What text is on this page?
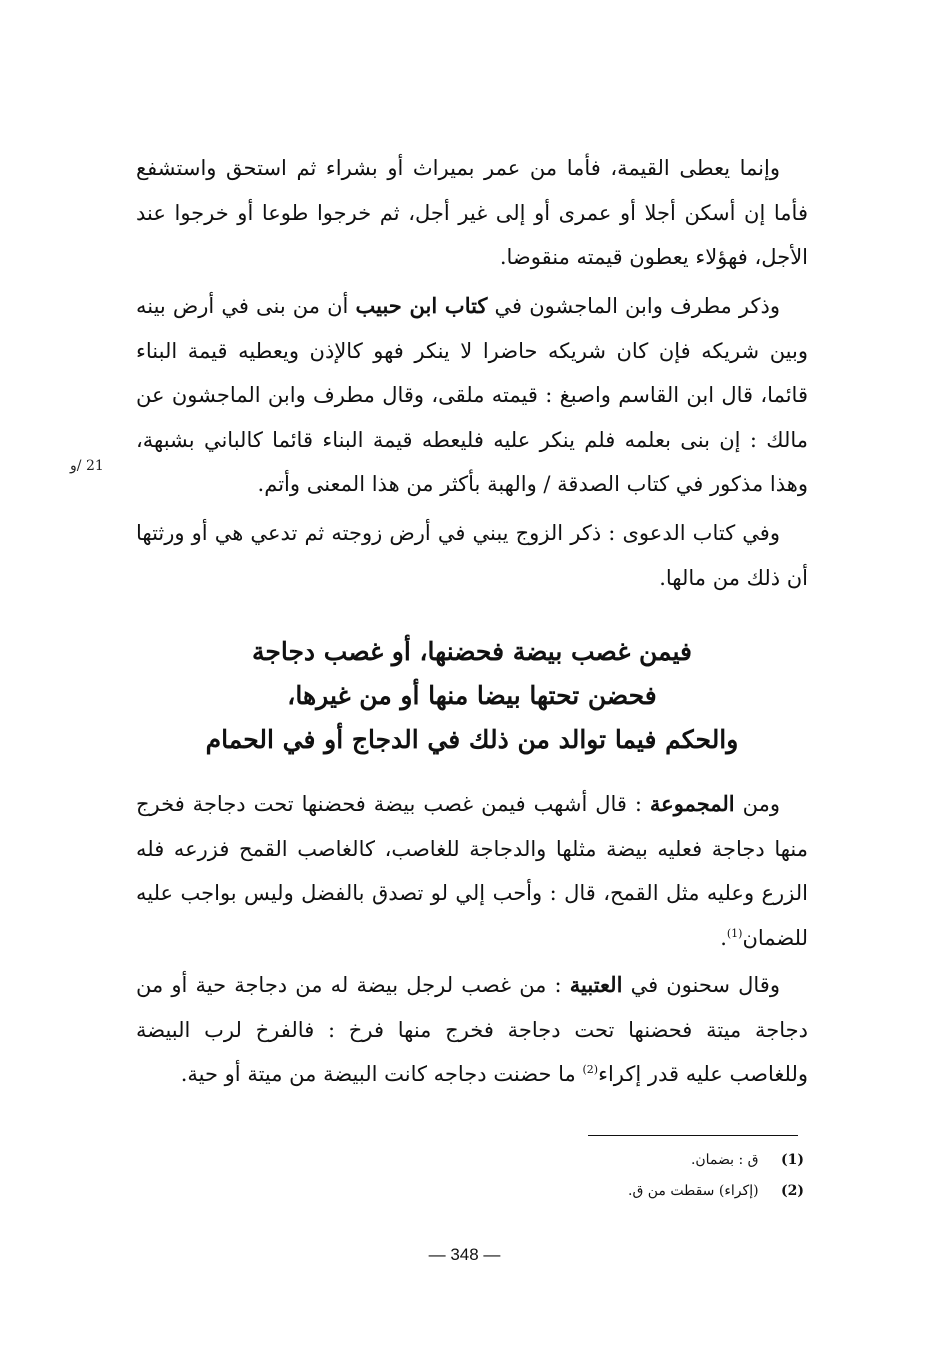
وإنما يعطى القيمة، فأما من عمر بميراث أو بشراء ثم استحق واستشفع فأما إن أسكن أجلا أو عمرى أو إلى غير أجل، ثم خرجوا طوعا أو خرجوا عند الأجل، فهؤلاء يعطون قيمته منقوضا.

وذكر مطرف وابن الماجشون في كتاب ابن حبيب أن من بنى في أرض بينه وبين شريكه فإن كان شريكه حاضرا لا ينكر فهو كالإذن ويعطيه قيمة البناء قائما، قال ابن القاسم واصبغ : قيمته ملقى، وقال مطرف وابن الماجشون عن مالك : إن بنى بعلمه فلم ينكر عليه فليعطه قيمة البناء قائما كالباني بشبهة، وهذا مذكور في كتاب الصدقة / والهبة بأكثر من هذا المعنى وأتم.

21 /و

وفي كتاب الدعوى : ذكر الزوج يبني في أرض زوجته ثم تدعي هي أو ورثتها أن ذلك من مالها.

فيمن غصب بيضة فحضنها، أو غصب دجاجة
فحضن تحتها بيضا منها أو من غيرها،
والحكم فيما توالد من ذلك في الدجاج أو في الحمام

ومن المجموعة : قال أشهب فيمن غصب بيضة فحضنها تحت دجاجة فخرج منها دجاجة فعليه بيضة مثلها والدجاجة للغاصب، كالغاصب القمح فزرعه فله الزرع وعليه مثل القمح، قال : وأحب إلي لو تصدق بالفضل وليس بواجب عليه للضمان$^{(1)}$.

وقال سحنون في العتبية : من غصب لرجل بيضة له من دجاجة حية أو من دجاجة ميتة فحضنها تحت دجاجة فخرج منها فرخ : فالفرخ لرب البيضة وللغاصب عليه قدر إكراء$^{(2)}$ ما حضنت دجاجه كانت البيضة من ميتة أو حية.

(1) ق : بضمان.
(2) (إكراء) سقطت من ق.
— 348 —
